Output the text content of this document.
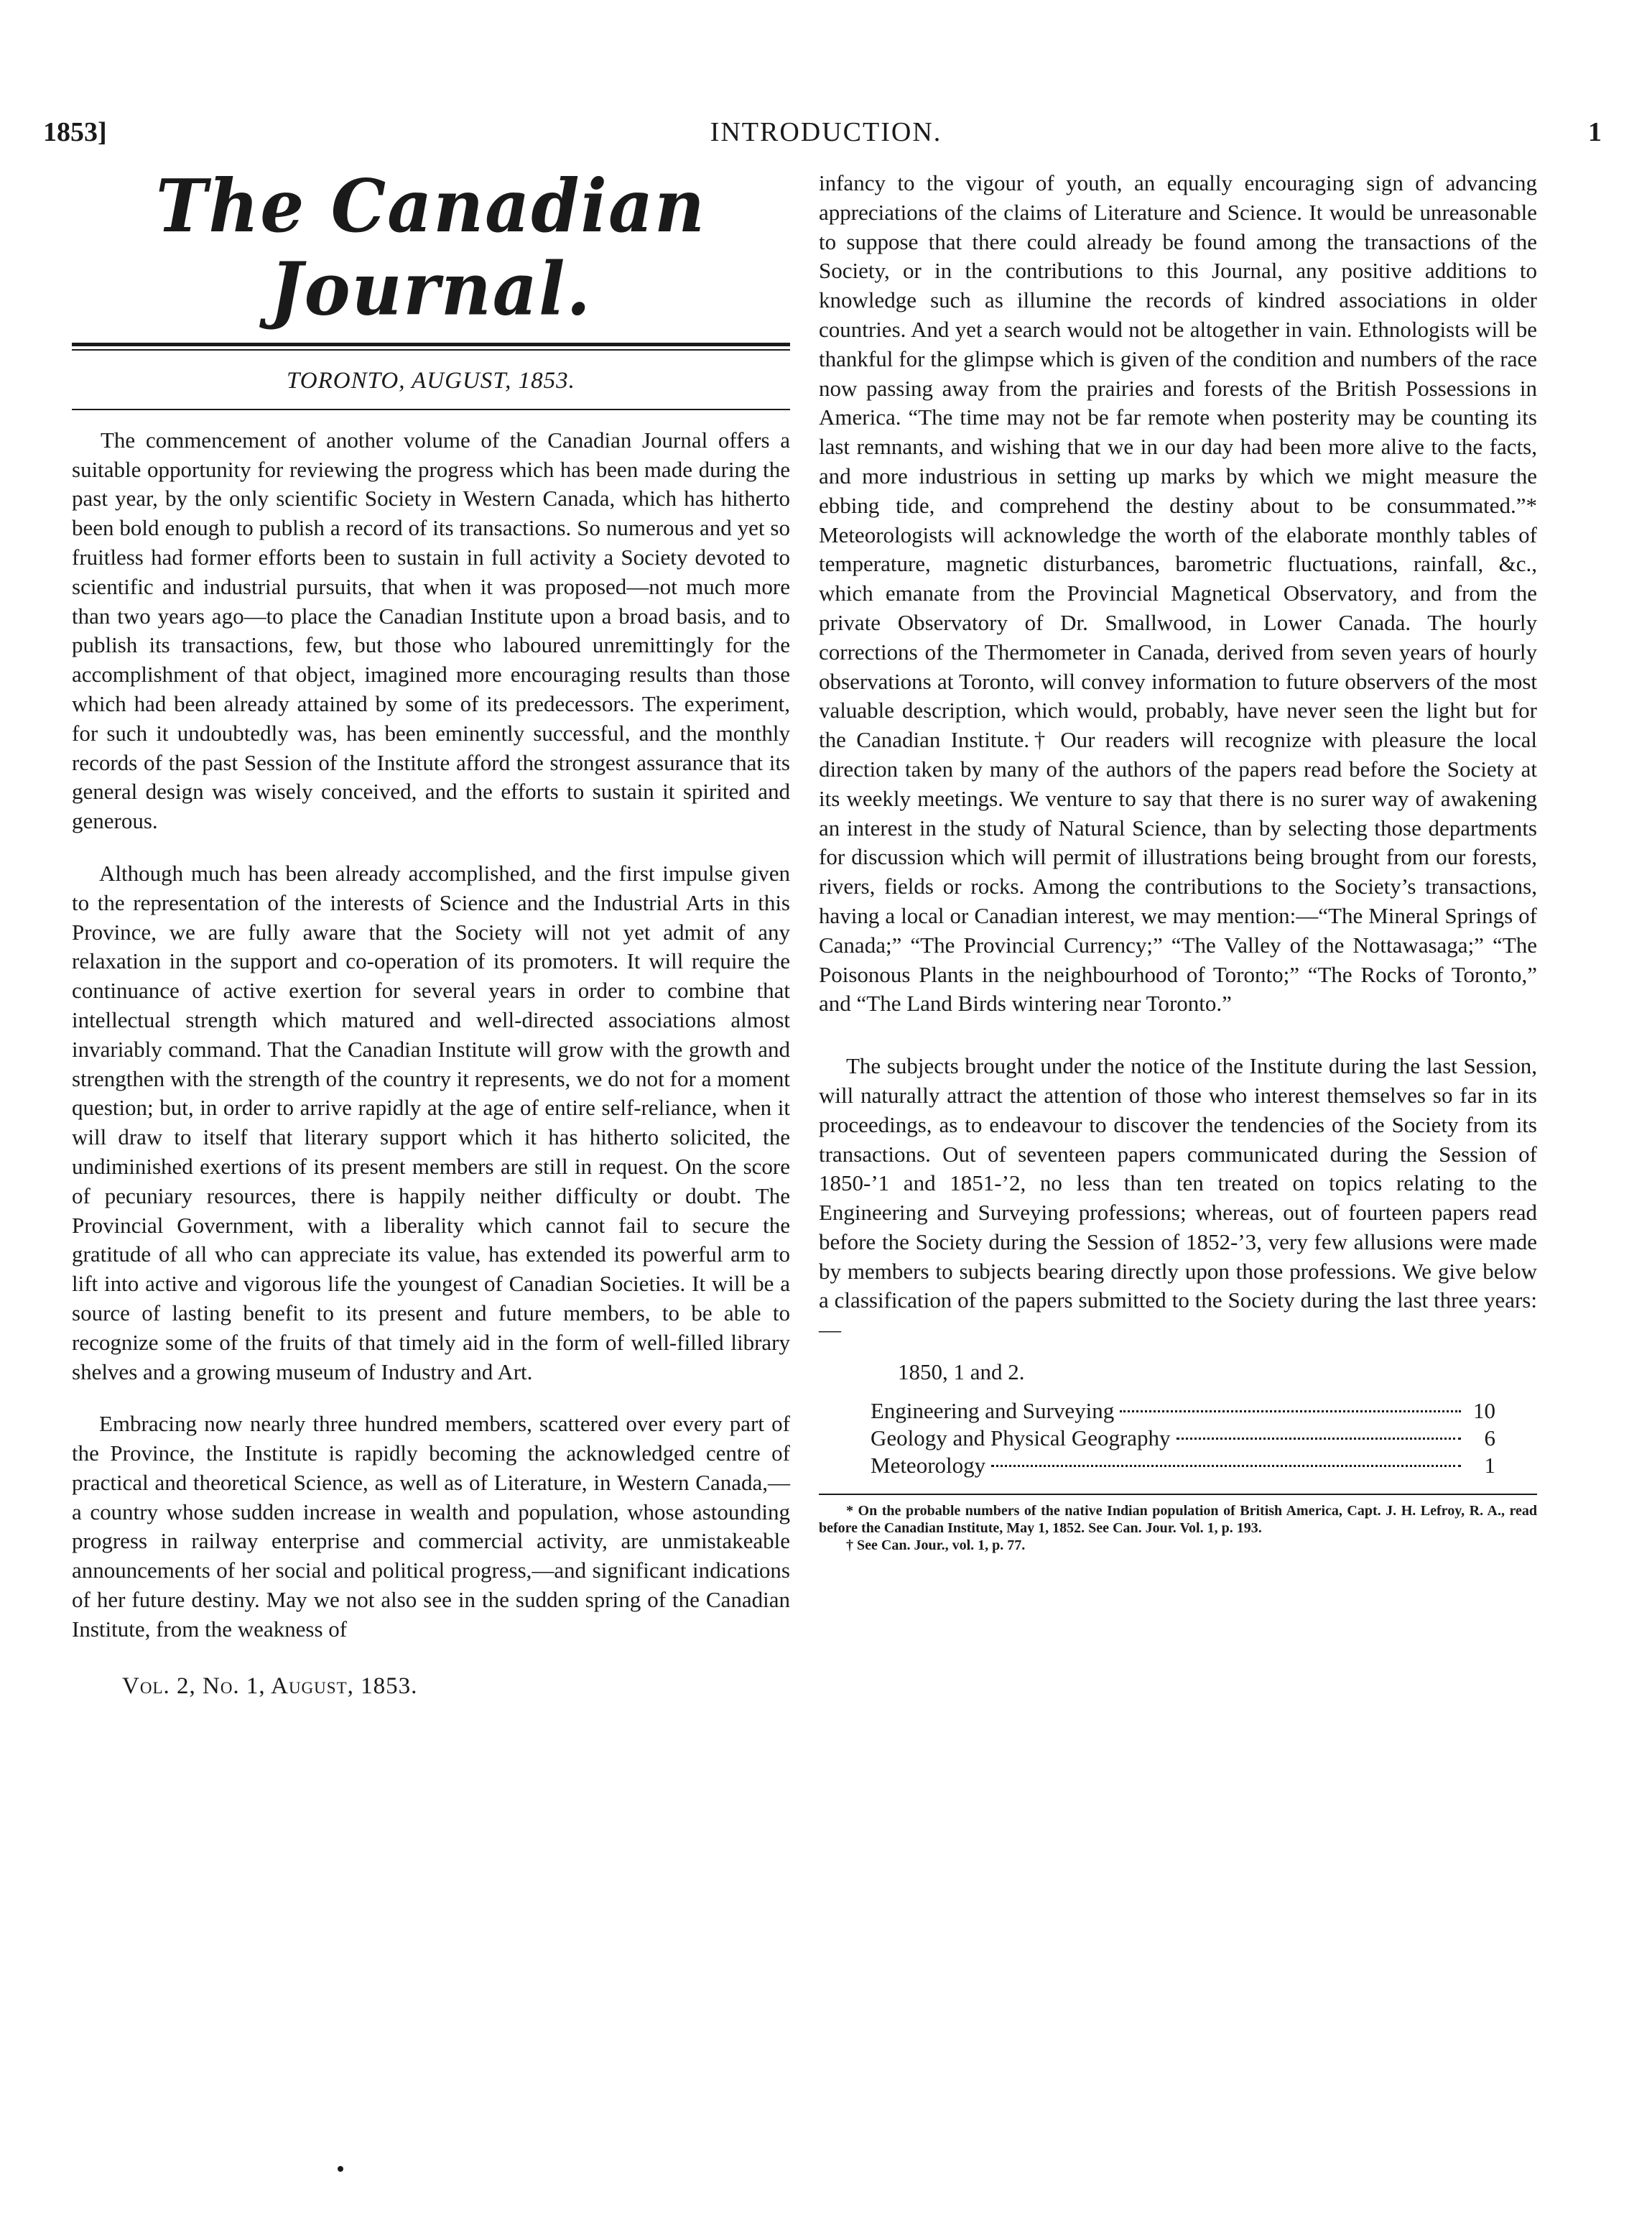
1853]	INTRODUCTION.	1
The Canadian Journal.
TORONTO, AUGUST, 1853.

The commencement of another volume of the Canadian Journal offers a suitable opportunity for reviewing the progress which has been made during the past year, by the only scientific Society in Western Canada, which has hitherto been bold enough to publish a record of its transactions. So numerous and yet so fruitless had former efforts been to sustain in full activity a Society devoted to scientific and industrial pursuits, that when it was proposed—not much more than two years ago—to place the Canadian Institute upon a broad basis, and to publish its transactions, few, but those who laboured unremittingly for the accomplishment of that object, imagined more encouraging results than those which had been already attained by some of its predecessors. The experiment, for such it undoubtedly was, has been eminently successful, and the monthly records of the past Session of the Institute afford the strongest assurance that its general design was wisely conceived, and the efforts to sustain it spirited and generous.

Although much has been already accomplished, and the first impulse given to the representation of the interests of Science and the Industrial Arts in this Province, we are fully aware that the Society will not yet admit of any relaxation in the support and co-operation of its promoters. It will require the continuance of active exertion for several years in order to combine that intellectual strength which matured and well-directed associations almost invariably command. That the Canadian Institute will grow with the growth and strengthen with the strength of the country it represents, we do not for a moment question; but, in order to arrive rapidly at the age of entire self-reliance, when it will draw to itself that literary support which it has hitherto solicited, the undiminished exertions of its present members are still in request. On the score of pecuniary resources, there is happily neither difficulty or doubt. The Provincial Government, with a liberality which cannot fail to secure the gratitude of all who can appreciate its value, has extended its powerful arm to lift into active and vigorous life the youngest of Canadian Societies. It will be a source of lasting benefit to its present and future members, to be able to recognize some of the fruits of that timely aid in the form of well-filled library shelves and a growing museum of Industry and Art.

Embracing now nearly three hundred members, scattered over every part of the Province, the Institute is rapidly becoming the acknowledged centre of practical and theoretical Science, as well as of Literature, in Western Canada,—a country whose sudden increase in wealth and population, whose astounding progress in railway enterprise and commercial activity, are unmistakeable announcements of her social and political progress,—and significant indications of her future destiny. May we not also see in the sudden spring of the Canadian Institute, from the weakness of

Vol. 2, No. 1, August, 1853.

infancy to the vigour of youth, an equally encouraging sign of advancing appreciations of the claims of Literature and Science. It would be unreasonable to suppose that there could already be found among the transactions of the Society, or in the contributions to this Journal, any positive additions to knowledge such as illumine the records of kindred associations in older countries. And yet a search would not be altogether in vain. Ethnologists will be thankful for the glimpse which is given of the condition and numbers of the race now passing away from the prairies and forests of the British Possessions in America. “The time may not be far remote when posterity may be counting its last remnants, and wishing that we in our day had been more alive to the facts, and more industrious in setting up marks by which we might measure the ebbing tide, and comprehend the destiny about to be consummated.”* Meteorologists will acknowledge the worth of the elaborate monthly tables of temperature, magnetic disturbances, barometric fluctuations, rainfall, &c., which emanate from the Provincial Magnetical Observatory, and from the private Observatory of Dr. Smallwood, in Lower Canada. The hourly corrections of the Thermometer in Canada, derived from seven years of hourly observations at Toronto, will convey information to future observers of the most valuable description, which would, probably, have never seen the light but for the Canadian Institute.† Our readers will recognize with pleasure the local direction taken by many of the authors of the papers read before the Society at its weekly meetings. We venture to say that there is no surer way of awakening an interest in the study of Natural Science, than by selecting those departments for discussion which will permit of illustrations being brought from our forests, rivers, fields or rocks. Among the contributions to the Society’s transactions, having a local or Canadian interest, we may mention:—“The Mineral Springs of Canada;” “The Provincial Currency;” “The Valley of the Nottawasaga;” “The Poisonous Plants in the neighbourhood of Toronto;” “The Rocks of Toronto,” and “The Land Birds wintering near Toronto.”

The subjects brought under the notice of the Institute during the last Session, will naturally attract the attention of those who interest themselves so far in its proceedings, as to endeavour to discover the tendencies of the Society from its transactions. Out of seventeen papers communicated during the Session of 1850-’1 and 1851-’2, no less than ten treated on topics relating to the Engineering and Surveying professions; whereas, out of fourteen papers read before the Society during the Session of 1852-’3, very few allusions were made by members to subjects bearing directly upon those professions. We give below a classification of the papers submitted to the Society during the last three years:—

1850, 1 and 2.
Engineering and Surveying	10
Geology and Physical Geography	6
Meteorology	1

* On the probable numbers of the native Indian population of British America, Capt. J. H. Lefroy, R. A., read before the Canadian Institute, May 1, 1852. See Can. Jour. Vol. 1, p. 193.

† See Can. Jour., vol. 1, p. 77.
